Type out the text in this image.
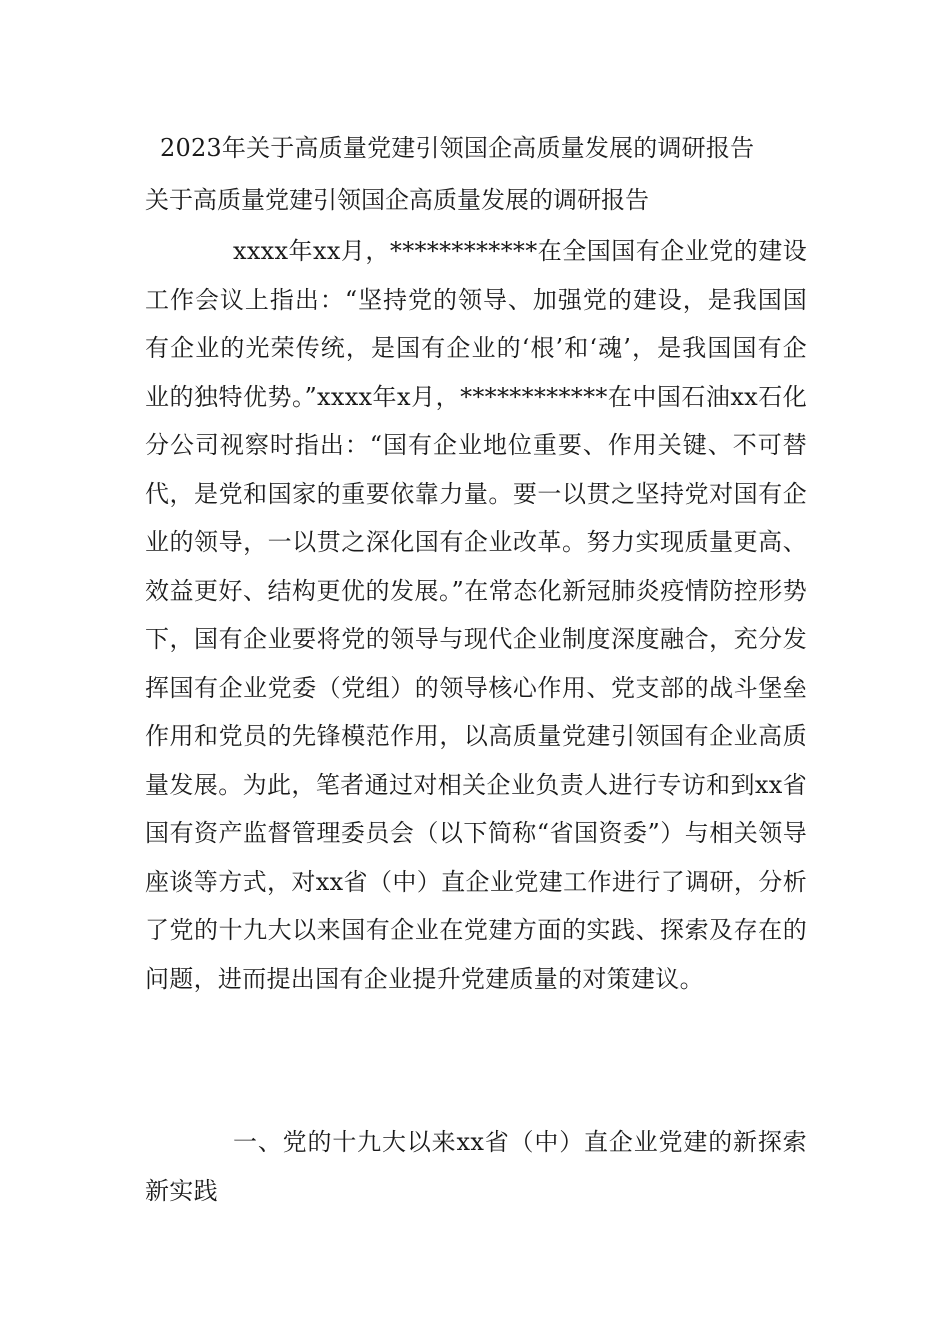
2023年关于高质量党建引领国企高质量发展的调研报告
关于高质量党建引领国企高质量发展的调研报告

xxxx年xx月，************在全国国有企业党的建设工作会议上指出：“坚持党的领导、加强党的建设，是我国国有企业的光荣传统，是国有企业的‘根’和‘魂’，是我国国有企业的独特优势。”xxxx年x月，************在中国石油xx石化分公司视察时指出：“国有企业地位重要、作用关键、不可替代，是党和国家的重要依靠力量。要一以贯之坚持党对国有企业的领导，一以贯之深化国有企业改革。努力实现质量更高、效益更好、结构更优的发展。”在常态化新冠肺炎疫情防控形势下，国有企业要将党的领导与现代企业制度深度融合，充分发挥国有企业党委（党组）的领导核心作用、党支部的战斗堡垒作用和党员的先锋模范作用，以高质量党建引领国有企业高质量发展。为此，笔者通过对相关企业负责人进行专访和到xx省国有资产监督管理委员会（以下简称“省国资委”）与相关领导座谈等方式，对xx省（中）直企业党建工作进行了调研，分析了党的十九大以来国有企业在党建方面的实践、探索及存在的问题，进而提出国有企业提升党建质量的对策建议。

一、党的十九大以来xx省（中）直企业党建的新探索新实践
